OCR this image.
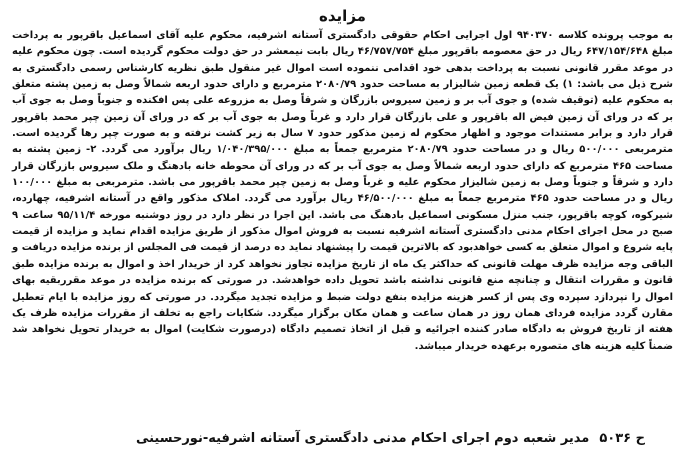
مزایده

به موجب پرونده کلاسه ۹۴۰۳۷۰ اول اجرایی احکام حقوقی دادگستری آستانه اشرفیه، محکوم علیه آقای اسماعیل باقرپور به پرداخت مبلغ ۶۴۷/۱۵۴/۶۴۸ ریال در حق معصومه باقرپور مبلغ ۴۶/۷۵۷/۷۵۴ ریال بابت نیمعشر در حق دولت محکوم گردیده است. چون محکوم علیه در موعد مقرر قانونی نسبت به پرداخت بدهی خود اقدامی ننموده است اموال غیر منقول طبق نظریه کارشناس رسمی دادگستری به شرح ذیل می باشد: ۱) یک قطعه زمین شالیزار به مساحت حدود ۲۰۸۰/۷۹ مترمربع و دارای حدود اربعه شمالاً وصل به زمین پشته متعلق به محکوم علیه (توقیف شده) و جوی آب بر و زمین سیروس بازرگان و شرقاً وصل به مزروعه علی پس افکنده و جنوباً وصل به جوی آب بر که در ورای آن زمین فیض اله باقرپور و علی بازرگان قرار دارد و غرباً وصل به جوی آب بر که در ورای آن زمین چپر محمد باقرپور قرار دارد و برابر مستندات موجود و اظهار محکوم له زمین مذکور حدود ۷ سال به زیر کشت نرفته و به صورت چپر رها گردیده است. مترمربعی ۵۰۰/۰۰۰ ریال و در مساحت حدود ۲۰۸۰/۷۹ مترمربع جمعاً به مبلغ ۱/۰۴۰/۳۹۵/۰۰۰ ریال برآورد می گردد. ۲- زمین پشته به مساحت ۴۶۵ مترمربع که دارای حدود اربعه شمالاً وصل به جوی آب بر که در ورای آن محوطه خانه بادهنگ و ملک سیروس بازرگان قرار دارد و شرقاً و جنوباً وصل به زمین شالیزار محکوم علیه و غرباً وصل به زمین چپر محمد باقرپور می باشد. مترمربعی به مبلغ ۱۰۰/۰۰۰ ریال و در مساحت حدود ۴۶۵ مترمربع جمعاً به مبلغ ۴۶/۵۰۰/۰۰۰ ریال برآورد می گردد. املاک مذکور واقع در آستانه اشرفیه، چهارده، شیرکوه، کوچه باقرپور، جنب منزل مسکونی اسماعیل بادهنگ می باشد. این اجرا در نظر دارد در روز دوشنبه مورخه ۹۵/۱۱/۴ ساعت ۹ صبح در محل اجرای احکام مدنی دادگستری آستانه اشرفیه نسبت به فروش اموال مذکور از طریق مزایده اقدام نماید و مزایده از قیمت پایه شروع و اموال متعلق به کسی خواهدبود که بالاترین قیمت را پیشنهاد نماید ده درصد از قیمت فی المجلس از برنده مزایده دریافت و الباقی وجه مزایده ظرف مهلت قانونی که حداکثر یک ماه از تاریخ مزایده تجاوز نخواهد کرد از خریدار اخذ و اموال به برنده مزایده طبق قانون و مقررات انتقال و چنانچه منع قانونی نداشته باشد تحویل داده خواهدشد. در صورتی که برنده مزایده در موعد مقرربقیه بهای اموال را نپردازد سپرده وی پس از کسر هزینه مزایده بنفع دولت ضبط و مزایده تجدید میگردد. در صورتی که روز مزایده با ایام تعطیل مقارن گردد مزایده فردای همان روز در همان ساعت و همان مکان برگزار میگردد. شکایات راجع به تخلف از مقررات مزایده ظرف یک هفته از تاریخ فروش به دادگاه صادر کننده اجرائیه و قبل از اتخاذ تصمیم دادگاه (درصورت شکایت) اموال به خریدار تحویل نخواهد شد ضمناً کلیه هزینه های متصوره برعهده خریدار میباشد.

ح ۵۰۳۶
مدیر شعبه دوم اجرای احکام مدنی دادگستری آستانه اشرفیه-نورحسینی
